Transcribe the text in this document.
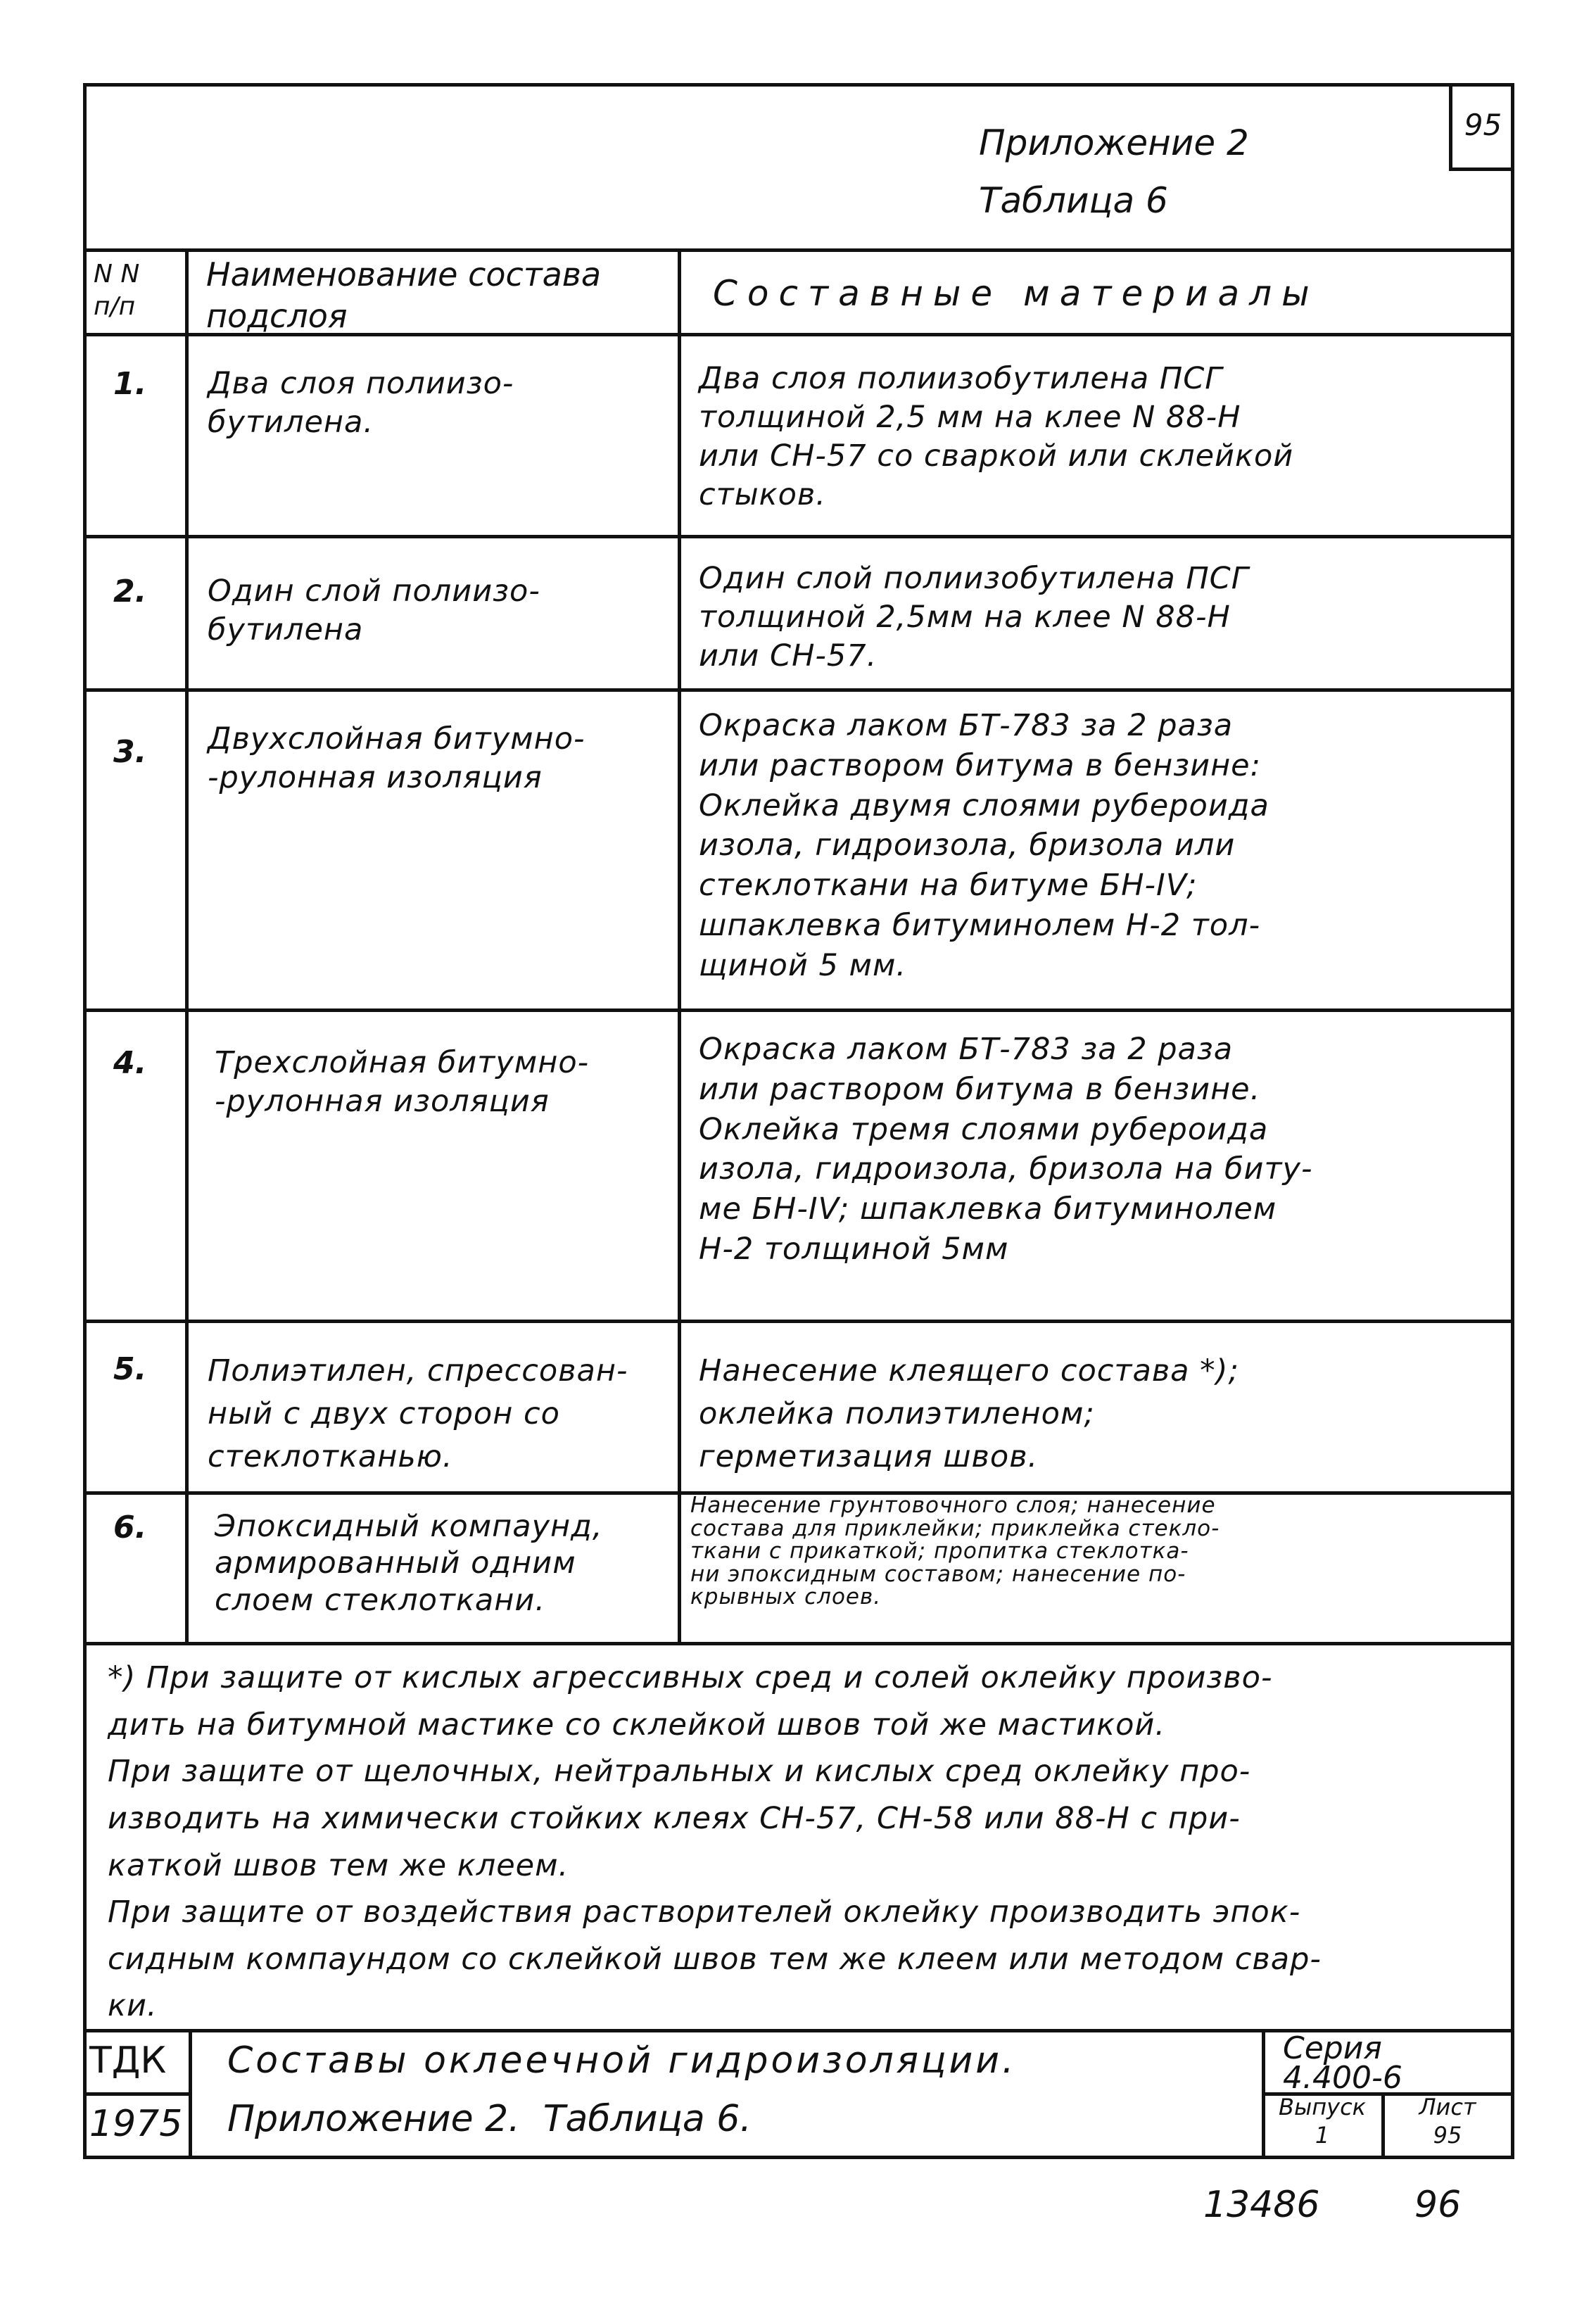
Приложение 2
Таблица 6
95
N N п/п
Наименование состава подслоя
Составные материалы
1. Два слоя полиизо-
бутилена.
Два слоя полиизобутилена ПСГ
толщиной 2,5 мм на клее N 88-Н
или СН-57 со сваркой или склейкой
стыков.
2. Один слой полиизо-
бутилена
Один слой полиизобутилена ПСГ
толщиной 2,5мм на клее N 88-Н
или СН-57.
3. Двухслойная битумно-
-рулонная изоляция
Окраска лаком БТ-783 за 2 раза
или раствором битума в бензине:
Оклейка двумя слоями рубероида
изола, гидроизола, бризола или
стеклоткани на битуме БН-IV;
шпаклевка битуминолем Н-2 тол-
щиной 5 мм.
4. Трехслойная битумно-
-рулонная изоляция
Окраска лаком БТ-783 за 2 раза
или раствором битума в бензине.
Оклейка тремя слоями рубероида
изола, гидроизола, бризола на биту-
ме БН-IV; шпаклевка битуминолем
Н-2 толщиной 5мм
5. Полиэтилен, спрессован-
ный с двух сторон со
стеклотканью.
Нанесение клеящего состава *);
оклейка полиэтиленом;
герметизация швов.
6. Эпоксидный компаунд,
армированный одним
слоем стеклоткани.
Нанесение грунтовочного слоя; нанесение
состава для приклейки; приклейка стекло-
ткани с прикаткой; пропитка стеклотка-
ни эпоксидным составом; нанесение по-
крывных слоев.
*) При защите от кислых агрессивных сред и солей оклейку произво-
дить на битумной мастике со склейкой швов той же мастикой.
При защите от щелочных, нейтральных и кислых сред оклейку про-
изводить на химически стойких клеях СН-57, СН-58 или 88-Н с при-
каткой швов тем же клеем.
При защите от воздействия растворителей оклейку производить эпок-
сидным компаундом со склейкой швов тем же клеем или методом свар-
ки.
ТДК
1975
Составы оклеечной гидроизоляции.
Приложение 2.  Таблица 6.
Серия
4.400-6
Выпуск
1
Лист
95
13486	96
